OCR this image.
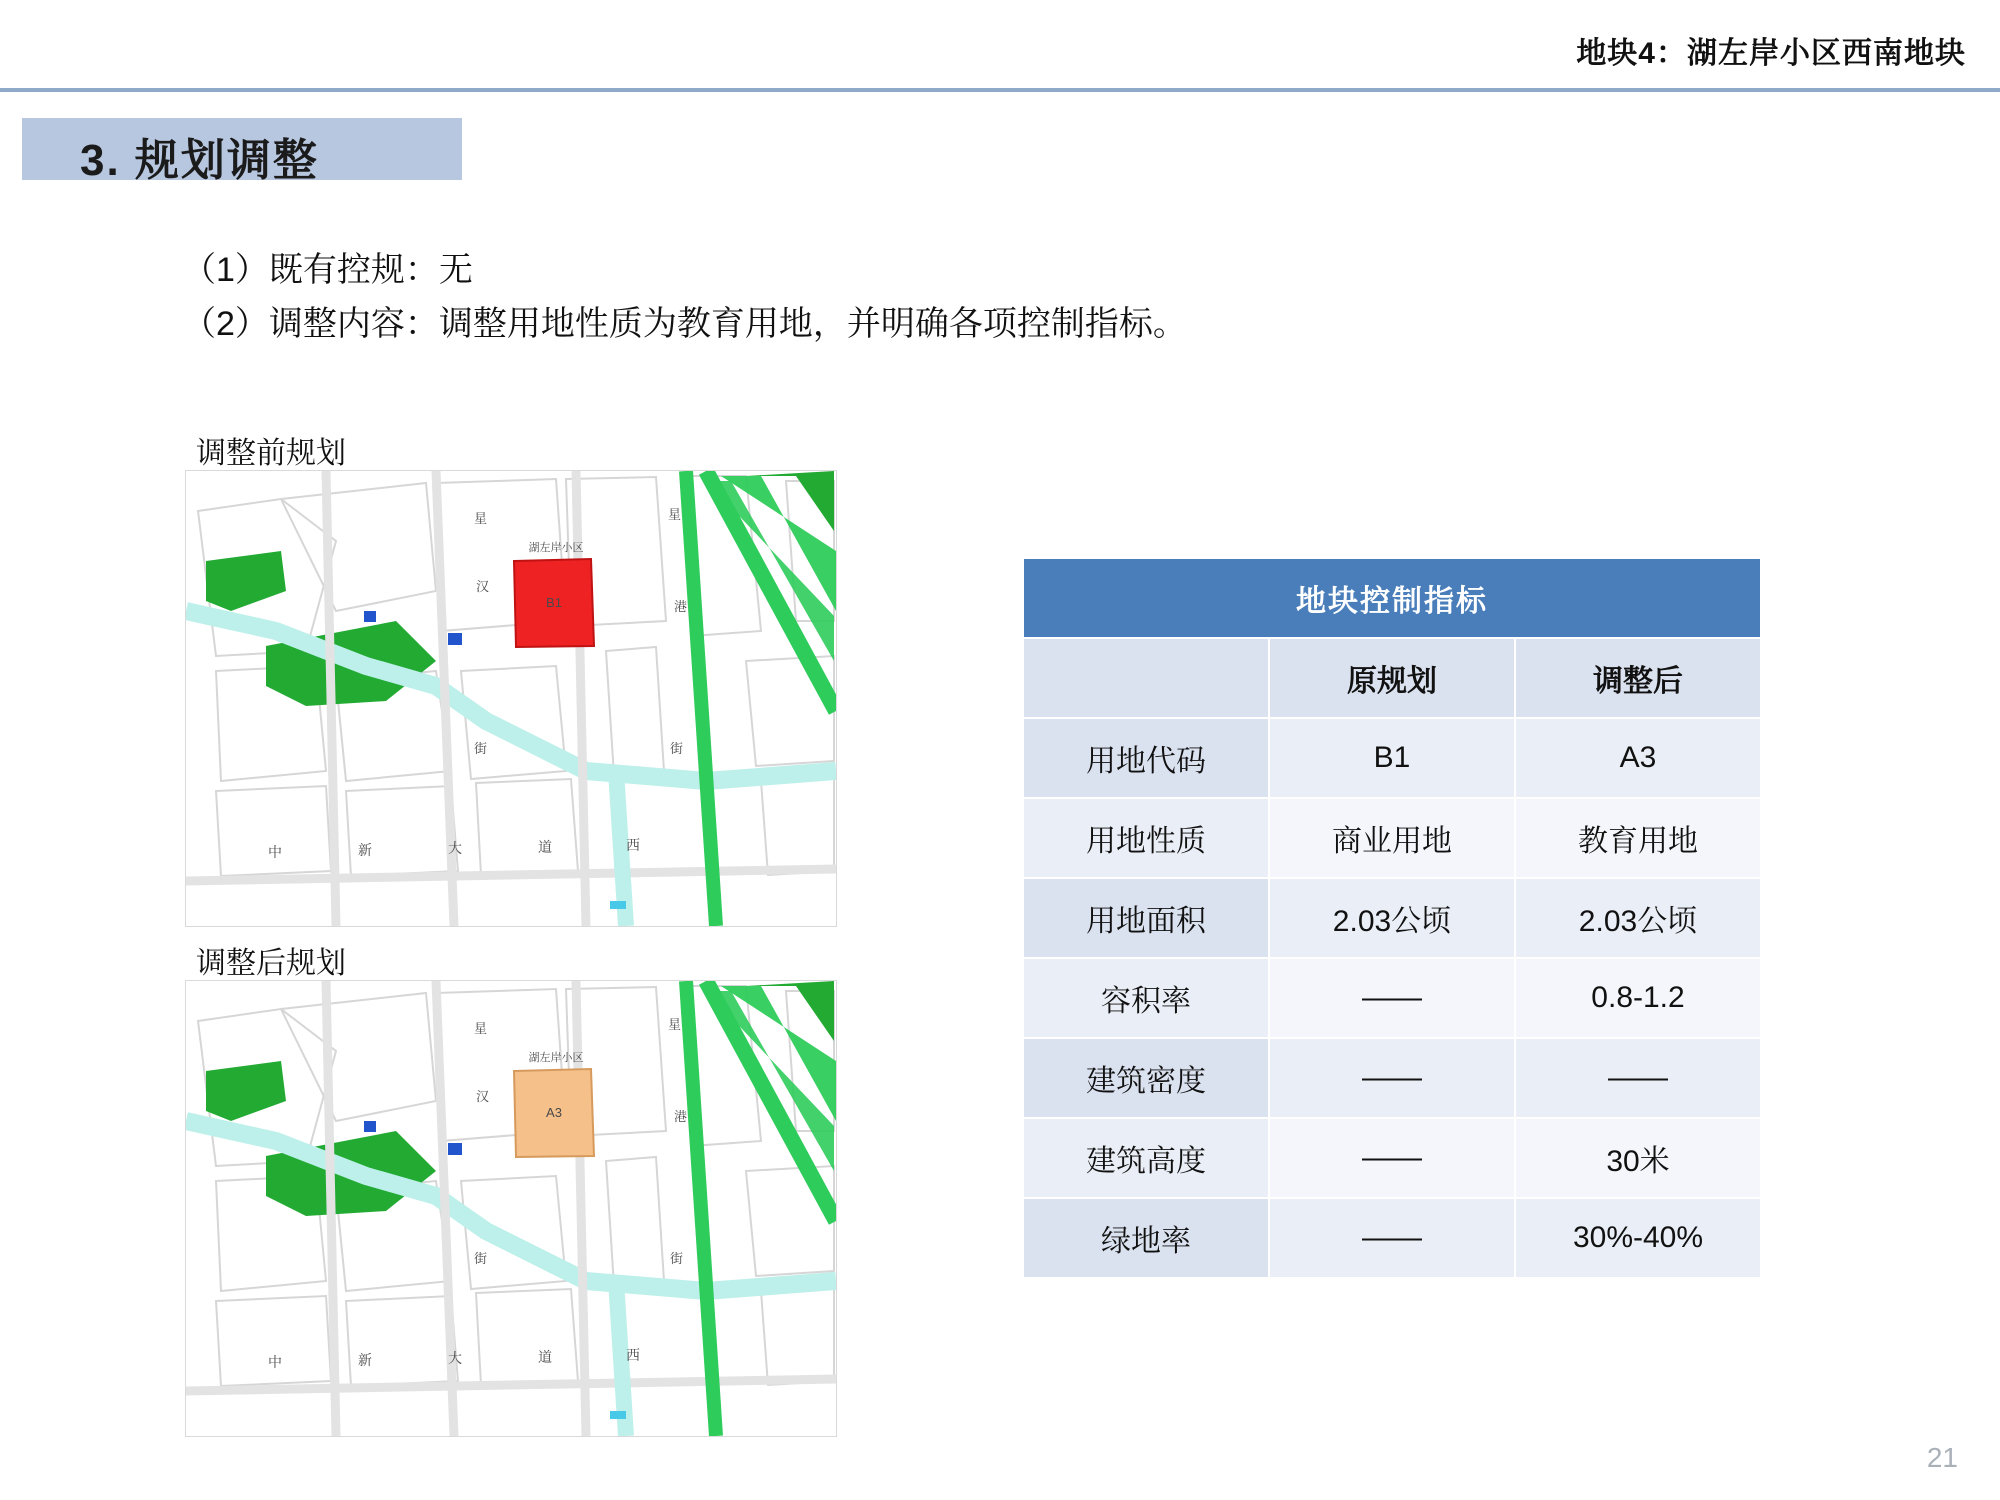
地块4：湖左岸小区西南地块
3. 规划调整
（1）既有控规：无
（2）调整内容：调整用地性质为教育用地，并明确各项控制指标。
调整前规划
B1
湖左岸小区
星	星
港
汉
街	街
中	新	大	道	西
调整后规划
A3
湖左岸小区
星	星
港
汉
街	街
中	新	大	道	西
地块控制指标		
	原规划	调整后
用地代码	B1	A3
用地性质	商业用地	教育用地
用地面积	2.03公顷	2.03公顷
容积率	——	0.8-1.2
建筑密度	——	——
建筑高度	——	30米
绿地率	——	30%-40%
21
